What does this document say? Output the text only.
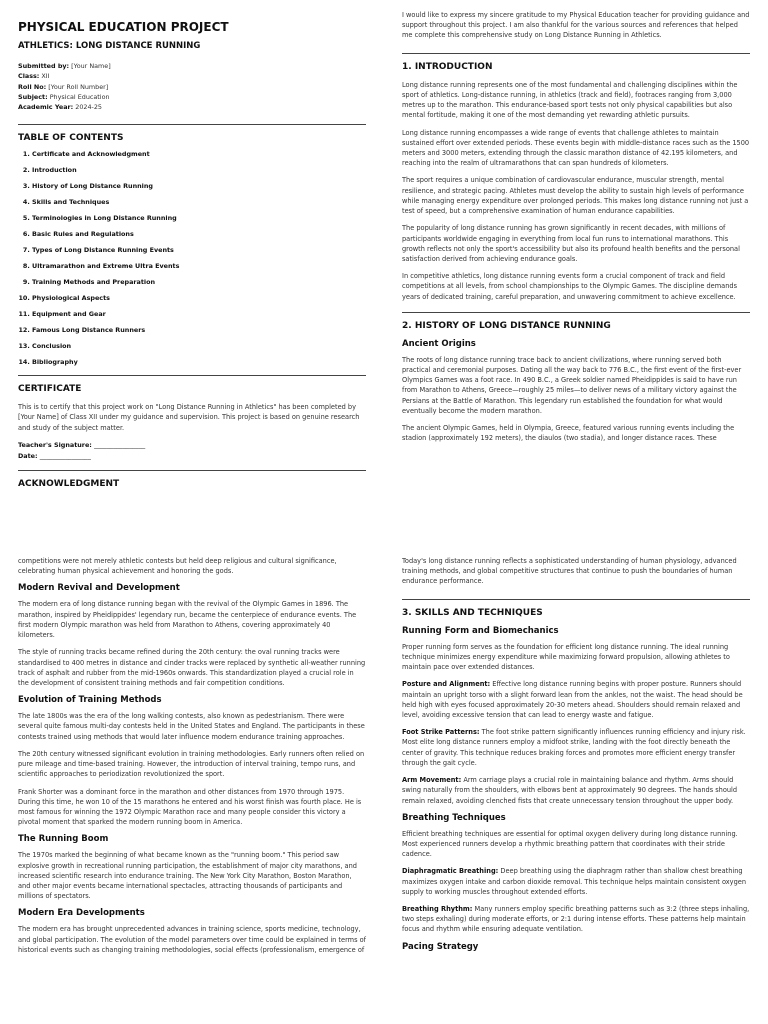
PHYSICAL EDUCATION PROJECT
ATHLETICS: LONG DISTANCE RUNNING
Submitted by: [Your Name]
Class: XII
Roll No: [Your Roll Number]
Subject: Physical Education
Academic Year: 2024-25
TABLE OF CONTENTS
1. Certificate and Acknowledgment
2. Introduction
3. History of Long Distance Running
4. Skills and Techniques
5. Terminologies in Long Distance Running
6. Basic Rules and Regulations
7. Types of Long Distance Running Events
8. Ultramarathon and Extreme Ultra Events
9. Training Methods and Preparation
10. Physiological Aspects
11. Equipment and Gear
12. Famous Long Distance Runners
13. Conclusion
14. Bibliography
CERTIFICATE

This is to certify that this project work on "Long Distance Running in Athletics" has been completed by [Your Name] of Class XII under my guidance and supervision. This project is based on genuine research and study of the subject matter.

Teacher's Signature: ________________
Date: ________________
ACKNOWLEDGMENT

I would like to express my sincere gratitude to my Physical Education teacher for providing guidance and support throughout this project. I am also thankful for the various sources and references that helped me complete this comprehensive study on Long Distance Running in Athletics.

1. INTRODUCTION

Long distance running represents one of the most fundamental and challenging disciplines within the sport of athletics. Long-distance running, in athletics (track and field), footraces ranging from 3,000 metres up to the marathon. This endurance-based sport tests not only physical capabilities but also mental fortitude, making it one of the most demanding yet rewarding athletic pursuits.

Long distance running encompasses a wide range of events that challenge athletes to maintain sustained effort over extended periods. These events begin with middle-distance races such as the 1500 meters and 3000 meters, extending through the classic marathon distance of 42.195 kilometers, and reaching into the realm of ultramarathons that can span hundreds of kilometers.

The sport requires a unique combination of cardiovascular endurance, muscular strength, mental resilience, and strategic pacing. Athletes must develop the ability to sustain high levels of performance while managing energy expenditure over prolonged periods. This makes long distance running not just a test of speed, but a comprehensive examination of human endurance capabilities.

The popularity of long distance running has grown significantly in recent decades, with millions of participants worldwide engaging in everything from local fun runs to international marathons. This growth reflects not only the sport's accessibility but also its profound health benefits and the personal satisfaction derived from achieving endurance goals.

In competitive athletics, long distance running events form a crucial component of track and field competitions at all levels, from school championships to the Olympic Games. The discipline demands years of dedicated training, careful preparation, and unwavering commitment to achieve excellence.

2. HISTORY OF LONG DISTANCE RUNNING
Ancient Origins

The roots of long distance running trace back to ancient civilizations, where running served both practical and ceremonial purposes. Dating all the way back to 776 B.C., the first event of the first-ever Olympics Games was a foot race. In 490 B.C., a Greek soldier named Pheidippides is said to have run from Marathon to Athens, Greece—roughly 25 miles—to deliver news of a military victory against the Persians at the Battle of Marathon. This legendary run established the foundation for what would eventually become the modern marathon.

The ancient Olympic Games, held in Olympia, Greece, featured various running events including the stadion (approximately 192 meters), the diaulos (two stadia), and longer distance races. These

competitions were not merely athletic contests but held deep religious and cultural significance, celebrating human physical achievement and honoring the gods.

Modern Revival and Development

The modern era of long distance running began with the revival of the Olympic Games in 1896. The marathon, inspired by Pheidippides' legendary run, became the centerpiece of endurance events. The first modern Olympic marathon was held from Marathon to Athens, covering approximately 40 kilometers.

The style of running tracks became refined during the 20th century: the oval running tracks were standardised to 400 metres in distance and cinder tracks were replaced by synthetic all-weather running track of asphalt and rubber from the mid-1960s onwards. This standardization played a crucial role in the development of consistent training methods and fair competition conditions.

Evolution of Training Methods

The late 1800s was the era of the long walking contests, also known as pedestrianism. There were several quite famous multi-day contests held in the United States and England. The participants in these contests trained using methods that would later influence modern endurance training approaches.

The 20th century witnessed significant evolution in training methodologies. Early runners often relied on pure mileage and time-based training. However, the introduction of interval training, tempo runs, and scientific approaches to periodization revolutionized the sport.

Frank Shorter was a dominant force in the marathon and other distances from 1970 through 1975. During this time, he won 10 of the 15 marathons he entered and his worst finish was fourth place. He is most famous for winning the 1972 Olympic Marathon race and many people consider this victory a pivotal moment that sparked the modern running boom in America.

The Running Boom

The 1970s marked the beginning of what became known as the "running boom." This period saw explosive growth in recreational running participation, the establishment of major city marathons, and increased scientific research into endurance training. The New York City Marathon, Boston Marathon, and other major events became international spectacles, attracting thousands of participants and millions of spectators.

Modern Era Developments

The modern era has brought unprecedented advances in training science, sports medicine, technology, and global participation. The evolution of the model parameters over time could be explained in terms of historical events such as changing training methodologies, social effects (professionalism, emergence of

Today's long distance running reflects a sophisticated understanding of human physiology, advanced training methods, and global competitive structures that continue to push the boundaries of human endurance performance.

3. SKILLS AND TECHNIQUES
Running Form and Biomechanics

Proper running form serves as the foundation for efficient long distance running. The ideal running technique minimizes energy expenditure while maximizing forward propulsion, allowing athletes to maintain pace over extended distances.

Posture and Alignment: Effective long distance running begins with proper posture. Runners should maintain an upright torso with a slight forward lean from the ankles, not the waist. The head should be held high with eyes focused approximately 20-30 meters ahead. Shoulders should remain relaxed and level, avoiding excessive tension that can lead to energy waste and fatigue.

Foot Strike Patterns: The foot strike pattern significantly influences running efficiency and injury risk. Most elite long distance runners employ a midfoot strike, landing with the foot directly beneath the center of gravity. This technique reduces braking forces and promotes more efficient energy transfer through the gait cycle.

Arm Movement: Arm carriage plays a crucial role in maintaining balance and rhythm. Arms should swing naturally from the shoulders, with elbows bent at approximately 90 degrees. The hands should remain relaxed, avoiding clenched fists that create unnecessary tension throughout the upper body.

Breathing Techniques

Efficient breathing techniques are essential for optimal oxygen delivery during long distance running. Most experienced runners develop a rhythmic breathing pattern that coordinates with their stride cadence.

Diaphragmatic Breathing: Deep breathing using the diaphragm rather than shallow chest breathing maximizes oxygen intake and carbon dioxide removal. This technique helps maintain consistent oxygen supply to working muscles throughout extended efforts.

Breathing Rhythm: Many runners employ specific breathing patterns such as 3:2 (three steps inhaling, two steps exhaling) during moderate efforts, or 2:1 during intense efforts. These patterns help maintain focus and rhythm while ensuring adequate ventilation.

Pacing Strategy
